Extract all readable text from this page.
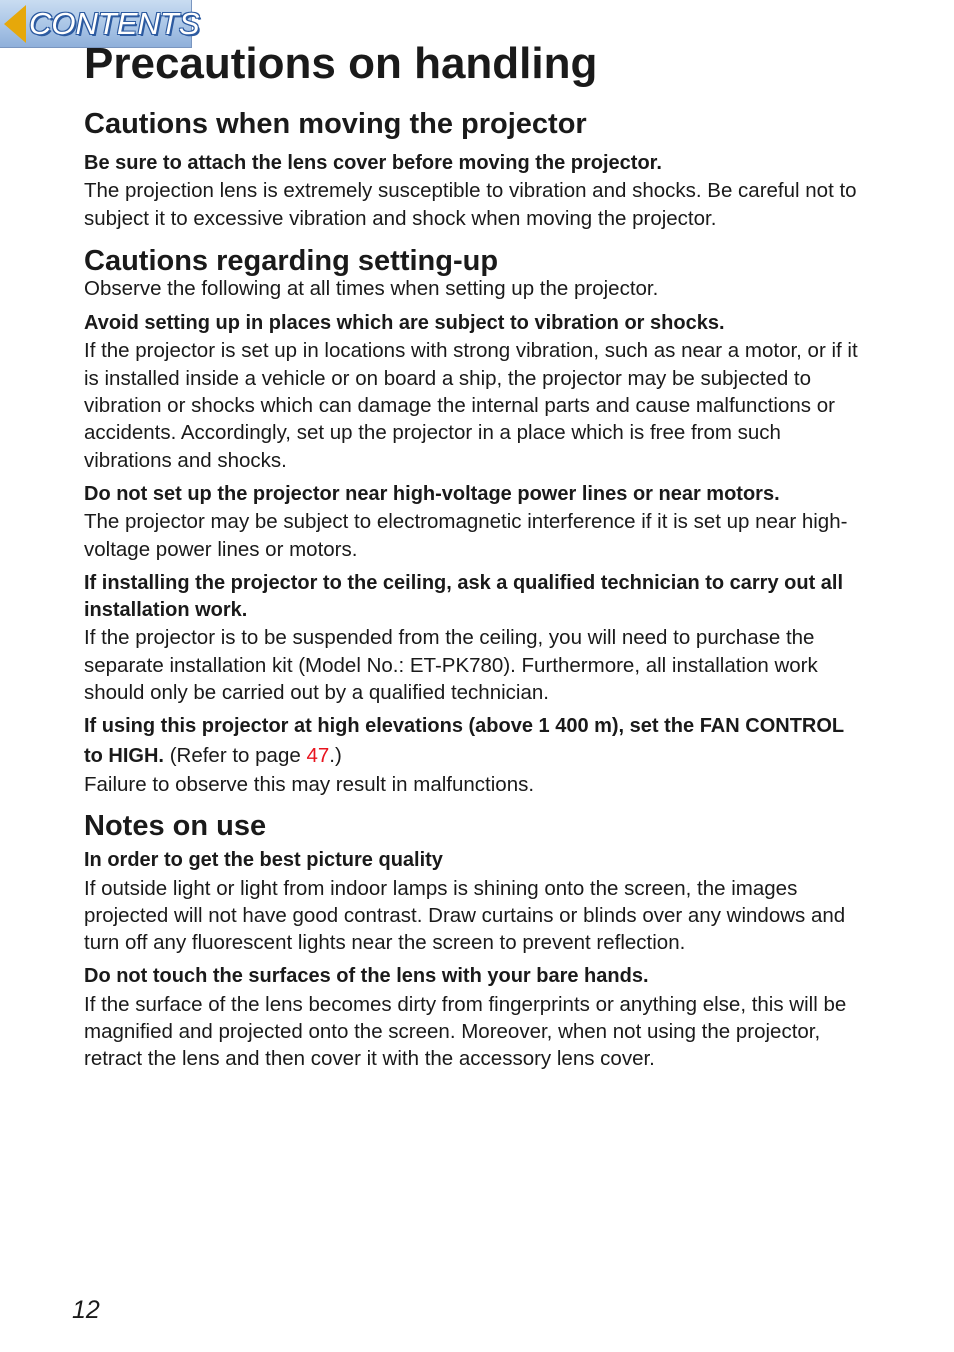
CONTENTS
Precautions on handling
Cautions when moving the projector
Be sure to attach the lens cover before moving the projector.

The projection lens is extremely susceptible to vibration and shocks. Be careful not to subject it to excessive vibration and shock when moving the projector.

Cautions regarding setting-up

Observe the following at all times when setting up the projector.

Avoid setting up in places which are subject to vibration or shocks.

If the projector is set up in locations with strong vibration, such as near a motor, or if it is installed inside a vehicle or on board a ship, the projector may be subjected to vibration or shocks which can damage the internal parts and cause malfunctions or accidents. Accordingly, set up the projector in a place which is free from such vibrations and shocks.

Do not set up the projector near high-voltage power lines or near motors.

The projector may be subject to electromagnetic interference if it is set up near high-voltage power lines or motors.

If installing the projector to the ceiling, ask a qualified technician to carry out all installation work.

If the projector is to be suspended from the ceiling, you will need to purchase the separate installation kit (Model No.: ET-PK780). Furthermore, all installation work should only be carried out by a qualified technician.

If using this projector at high elevations (above 1 400 m), set the FAN CONTROL to HIGH. (Refer to page 47.)

Failure to observe this may result in malfunctions.

Notes on use
In order to get the best picture quality

If outside light or light from indoor lamps is shining onto the screen, the images projected will not have good contrast. Draw curtains or blinds over any windows and turn off any fluorescent lights near the screen to prevent reflection.

Do not touch the surfaces of the lens with your bare hands.

If the surface of the lens becomes dirty from fingerprints or anything else, this will be magnified and projected onto the screen. Moreover, when not using the projector, retract the lens and then cover it with the accessory lens cover.

12
